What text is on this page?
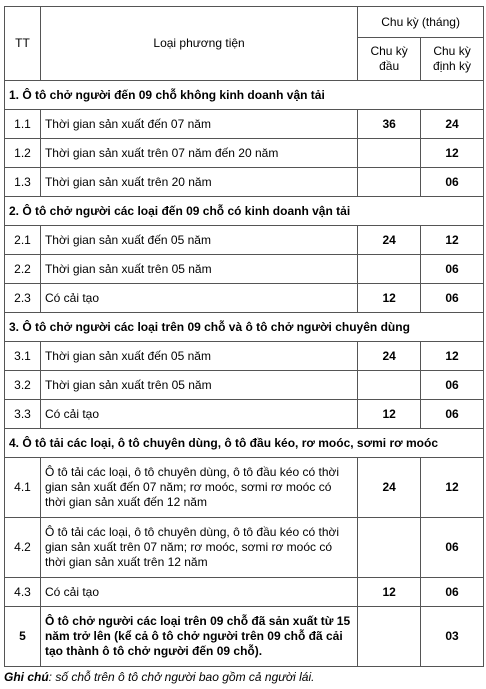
TT	Loại phương tiện	Chu kỳ (tháng)	
		Chu kỳ đầu	Chu kỳ định kỳ
1. Ô tô chở người đến 09 chỗ không kinh doanh vận tải			
1.1	Thời gian sản xuất đến 07 năm	36	24
1.2	Thời gian sản xuất trên 07 năm đến 20 năm		12
1.3	Thời gian sản xuất trên 20 năm		06
2. Ô tô chở người các loại đến 09 chỗ có kinh doanh vận tải			
2.1	Thời gian sản xuất đến 05 năm	24	12
2.2	Thời gian sản xuất trên 05 năm		06
2.3	Có cải tạo	12	06
3. Ô tô chở người các loại trên 09 chỗ và ô tô chở người chuyên dùng			
3.1	Thời gian sản xuất đến 05 năm	24	12
3.2	Thời gian sản xuất trên 05 năm		06
3.3	Có cải tạo	12	06
4. Ô tô tải các loại, ô tô chuyên dùng, ô tô đầu kéo, rơ moóc, sơmi rơ moóc			
4.1	Ô tô tải các loại, ô tô chuyên dùng, ô tô đầu kéo có thời gian sản xuất đến 07 năm; rơ moóc, sơmi rơ moóc có thời gian sản xuất đến 12 năm	24	12
4.2	Ô tô tải các loại, ô tô chuyên dùng, ô tô đầu kéo có thời gian sản xuất trên 07 năm; rơ moóc, sơmi rơ moóc có thời gian sản xuất trên 12 năm		06
4.3	Có cải tạo	12	06
5	Ô tô chở người các loại trên 09 chỗ đã sản xuất từ 15 năm trở lên (kể cả ô tô chở người trên 09 chỗ đã cải tạo thành ô tô chở người đến 09 chỗ).		03
Ghi chú: số chỗ trên ô tô chở người bao gồm cả người lái.
